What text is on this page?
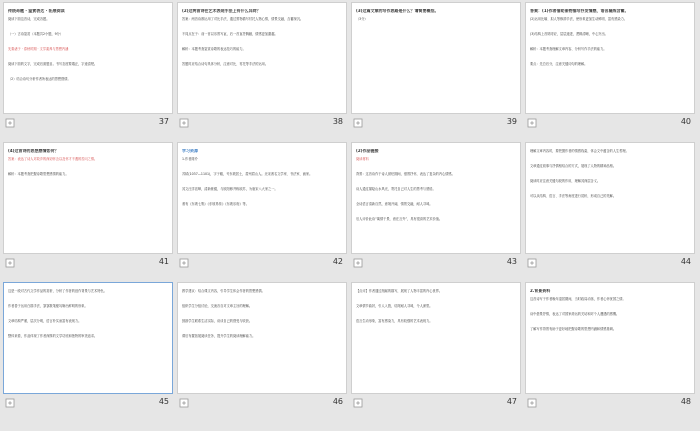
传统命题 · 鉴赏表达 · 拓展阅读
阅读下面这首诗，完成各题。
（一）古诗鉴赏（本题共2小题，9分）
先秦诸子 · 春秋时期 · 文学素养与思想内涵
阅读下面的文字，完成后面题目。书写态度要端正，字迹清楚。
（2）结合诗句分析作者所表达的思想感情。
37
(2)这两首诗在艺术表现手法上有什么异同？
答案：两首诗都运用了对比手法，通过景物描写衬托人物心情，情景交融，含蓄深沉。
不同点在于：前一首以乐景写哀，后一首直抒胸臆，情感更加激越。
解析：本题考查鉴赏诗歌的表达技巧的能力。
答题时应结合诗句具体分析，注意对比、衬托等手法的运用。
38
(3)这篇文章的写作思路是什么？请简要概括。
（3分）
39
答案：(1)作者借助景物描写抒发情感，语言凝练含蓄。
(2)运用比喻、拟人等修辞手法，使形象更加生动鲜明，富有感染力。
(3)结构上首尾呼应，层层递进，逻辑清晰，中心突出。
解析：本题考查理解文章内容、分析写作手法的能力。
要点：先总后分，注意关键词句的理解。
40
(4)这首诗的思想感情如何？
答案：表达了诗人对故乡的深切怀念以及怀才不遇的苦闷之情。
解析：本题考查把握诗歌思想感情的能力。
41
学习资源
1.作者简介
苏轼(1037—1101)，字子瞻，号东坡居士，眉州眉山人。北宋著名文学家、书法家、画家。
其文汪洋恣肆，清新豪健，与欧阳修并称欧苏，为唐宋八大家之一。
著有《东坡七集》《东坡易传》《东坡乐府》等。
42
(2)作品链接
阅读材料
背景：这首诗作于诗人被贬期间，借景抒怀，表达了复杂的内心情感。
诗人通过描绘山水风光，寄托自己对人生的思考与感悟。
全诗语言清新自然，意境开阔，情景交融，耐人寻味。
后人评价此诗“寓情于景，意在言外”，具有很高的艺术价值。
43
理解文章内容时，要把握作者的情感线索，体会文中蕴含的人生哲理。
文章通过叙事与抒情相结合的方式，展现了人物的精神品格。
阅读时应注意关键句段的作用，理解其深层含义。
可以从结构、语言、手法等角度进行赏析，形成自己的见解。
44
这是一段对古代文学作品的赏析，分析了作者的创作背景与艺术特色。
作者善于运用白描手法，寥寥数笔便勾勒出鲜明的形象。
文章结构严谨，层次分明，语言朴实而富有表现力。
整体来看，作品体现了作者深厚的文学功底和独特的审美追求。
45
教学建议：结合课文内容，引导学生体会作者的思想感情。
组织学生分组讨论，交流各自对文章主旨的理解。
鼓励学生联系生活实际，谈谈自己的感受与收获。
课后布置拓展阅读任务，提升学生的阅读理解能力。
46
【点评】作者通过细腻的描写，展现了人物丰富的内心世界。
文章情节曲折，引人入胜，结尾耐人寻味，令人深思。
语言生动形象，富有感染力，具有较强的艺术表现力。
47
2.背景资料
这首诗写于作者晚年退居期间，当时政局动荡，作者心怀忧国之情。
诗中借景抒情，表达了对国家命运的关切和对个人遭遇的感慨。
了解写作背景有助于更好地把握诗歌的思想内涵和情感基调。
48
